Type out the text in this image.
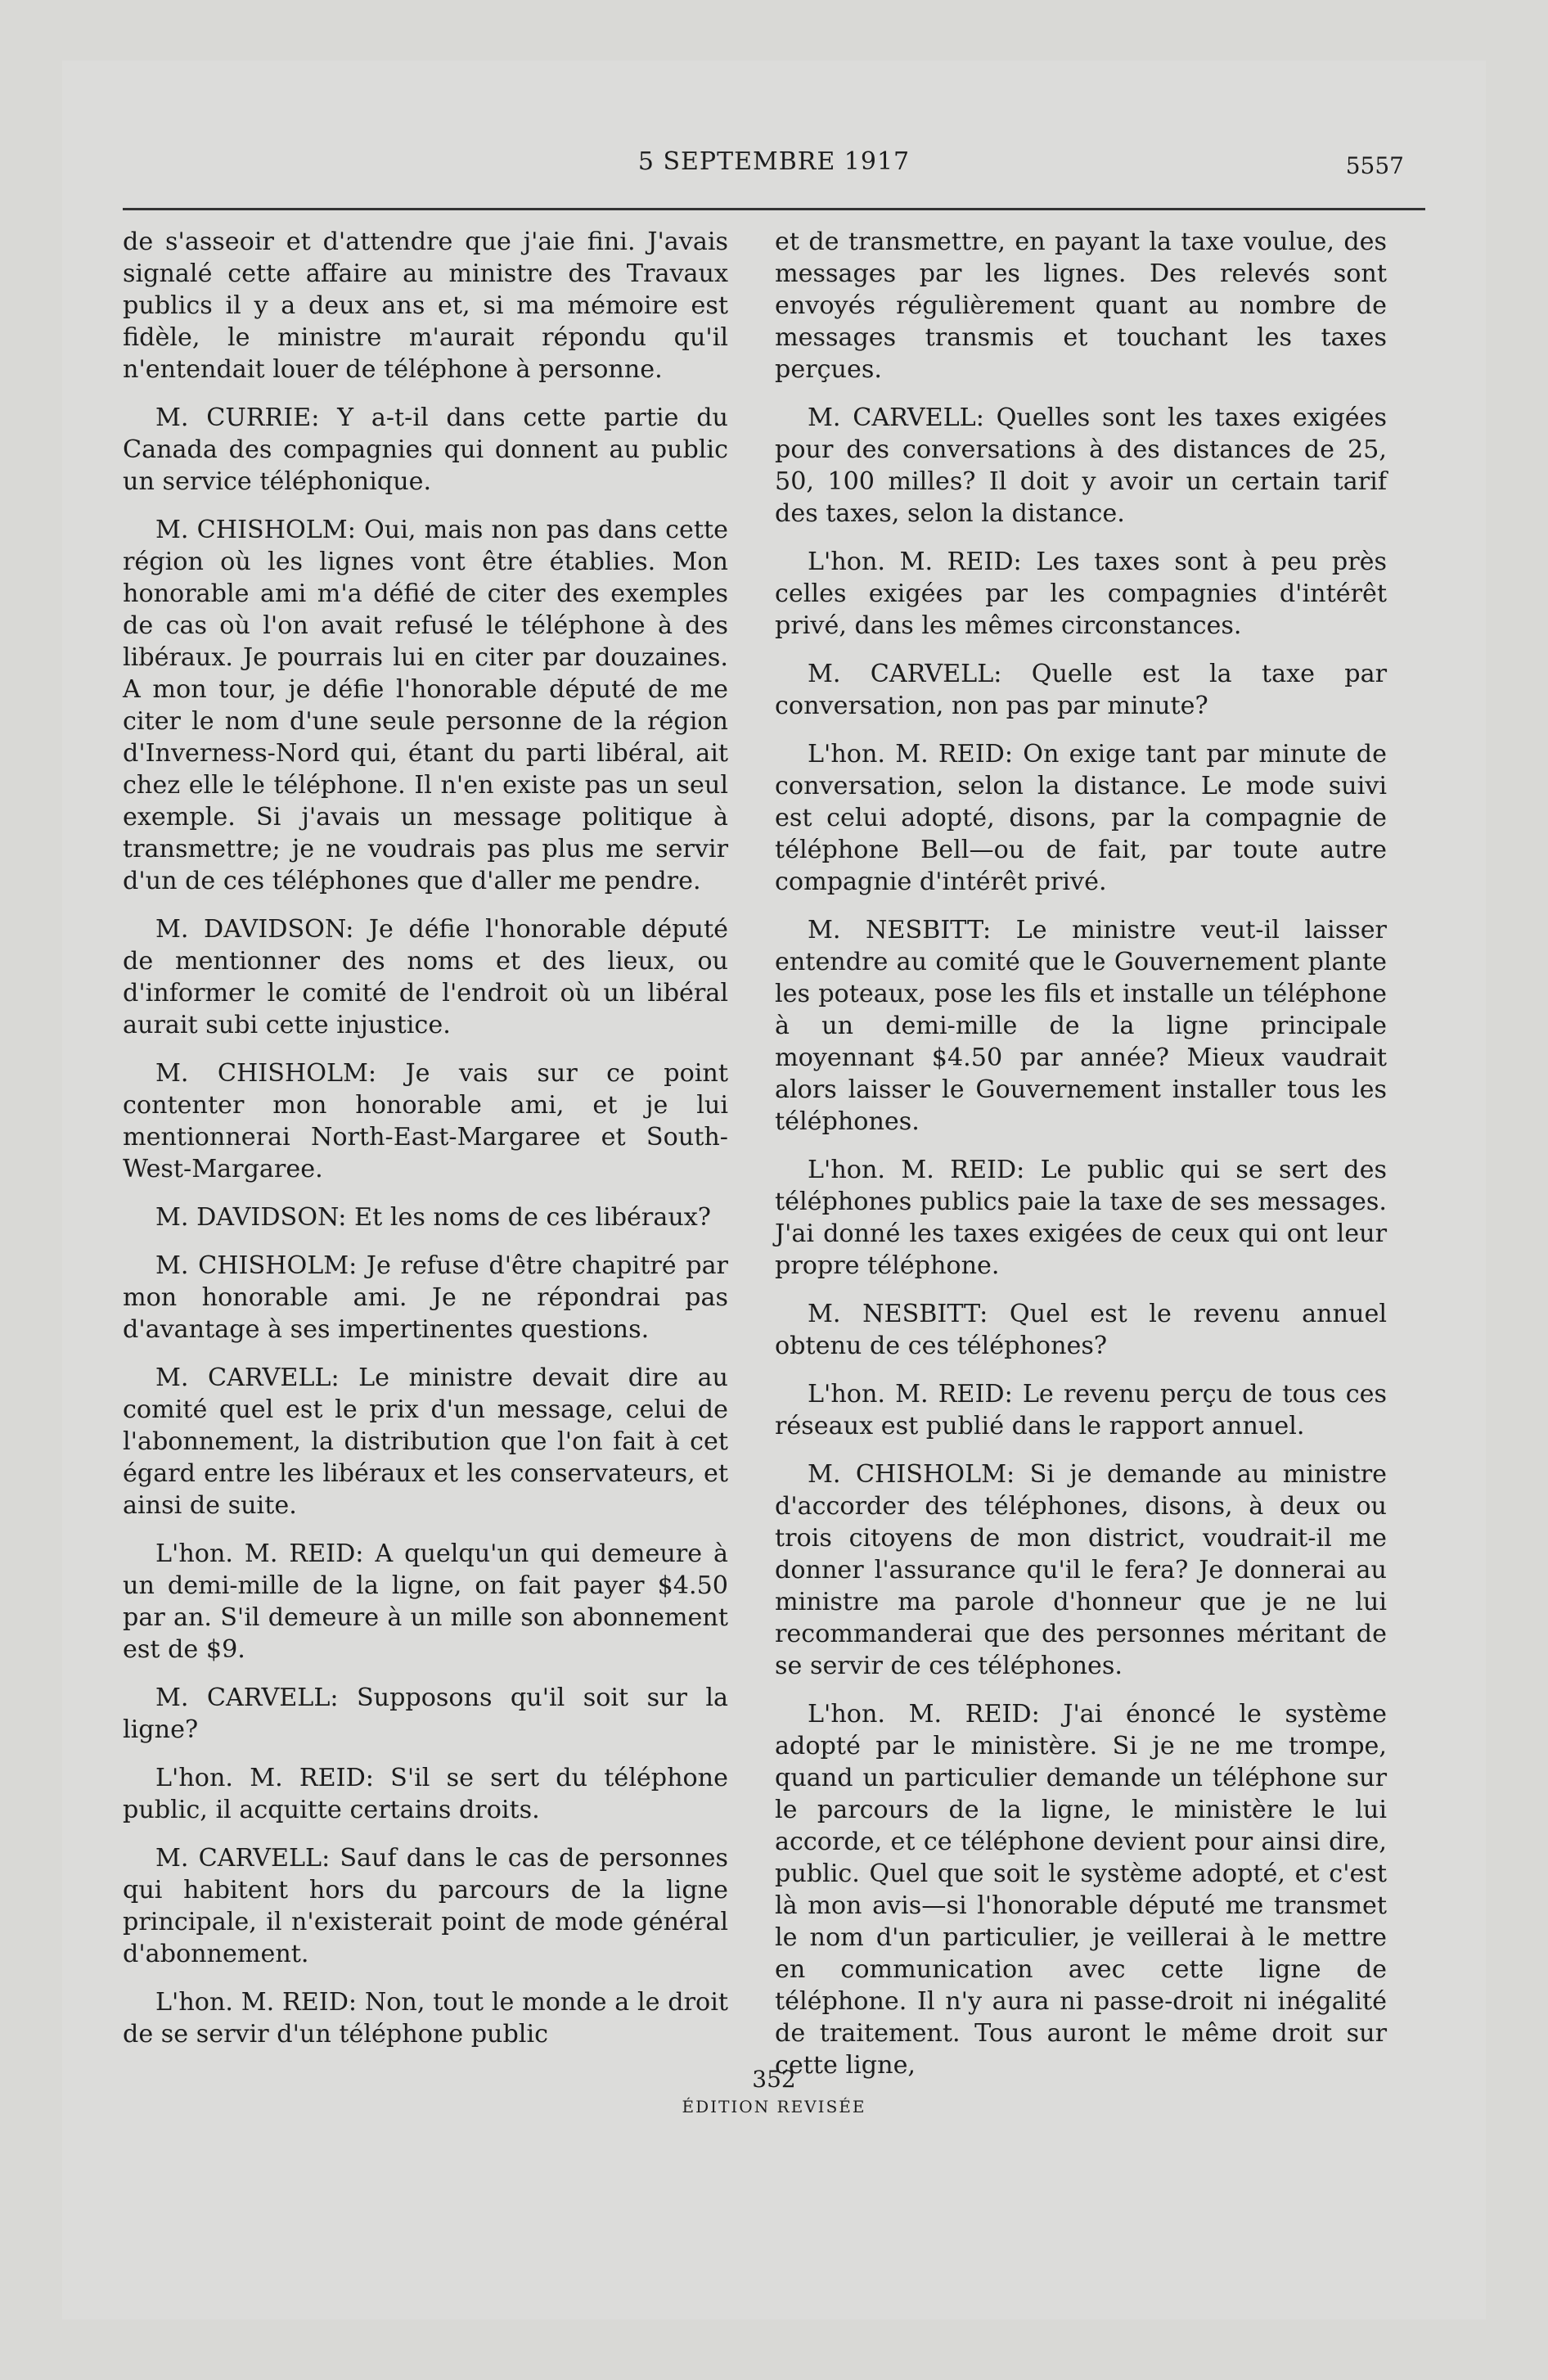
5 SEPTEMBRE 1917	5557

de s'asseoir et d'attendre que j'aie fini. J'avais signalé cette affaire au ministre des Travaux publics il y a deux ans et, si ma mémoire est fidèle, le ministre m'aurait répondu qu'il n'entendait louer de téléphone à personne.

M. CURRIE: Y a-t-il dans cette partie du Canada des compagnies qui donnent au public un service téléphonique.

M. CHISHOLM: Oui, mais non pas dans cette région où les lignes vont être établies. Mon honorable ami m'a défié de citer des exemples de cas où l'on avait refusé le téléphone à des libéraux. Je pourrais lui en citer par douzaines. A mon tour, je défie l'honorable député de me citer le nom d'une seule personne de la région d'Inverness-Nord qui, étant du parti libéral, ait chez elle le téléphone. Il n'en existe pas un seul exemple. Si j'avais un message politique à transmettre; je ne voudrais pas plus me servir d'un de ces téléphones que d'aller me pendre.

M. DAVIDSON: Je défie l'honorable député de mentionner des noms et des lieux, ou d'informer le comité de l'endroit où un libéral aurait subi cette injustice.

M. CHISHOLM: Je vais sur ce point contenter mon honorable ami, et je lui mentionnerai North-East-Margaree et South-West-Margaree.

M. DAVIDSON: Et les noms de ces libéraux?

M. CHISHOLM: Je refuse d'être chapitré par mon honorable ami. Je ne répondrai pas d'avantage à ses impertinentes questions.

M. CARVELL: Le ministre devait dire au comité quel est le prix d'un message, celui de l'abonnement, la distribution que l'on fait à cet égard entre les libéraux et les conservateurs, et ainsi de suite.

L'hon. M. REID: A quelqu'un qui demeure à un demi-mille de la ligne, on fait payer $4.50 par an. S'il demeure à un mille son abonnement est de $9.

M. CARVELL: Supposons qu'il soit sur la ligne?

L'hon. M. REID: S'il se sert du téléphone public, il acquitte certains droits.

M. CARVELL: Sauf dans le cas de personnes qui habitent hors du parcours de la ligne principale, il n'existerait point de mode général d'abonnement.

L'hon. M. REID: Non, tout le monde a le droit de se servir d'un téléphone public

et de transmettre, en payant la taxe voulue, des messages par les lignes. Des relevés sont envoyés régulièrement quant au nombre de messages transmis et touchant les taxes perçues.

M. CARVELL: Quelles sont les taxes exigées pour des conversations à des distances de 25, 50, 100 milles? Il doit y avoir un certain tarif des taxes, selon la distance.

L'hon. M. REID: Les taxes sont à peu près celles exigées par les compagnies d'intérêt privé, dans les mêmes circonstances.

M. CARVELL: Quelle est la taxe par conversation, non pas par minute?

L'hon. M. REID: On exige tant par minute de conversation, selon la distance. Le mode suivi est celui adopté, disons, par la compagnie de téléphone Bell—ou de fait, par toute autre compagnie d'intérêt privé.

M. NESBITT: Le ministre veut-il laisser entendre au comité que le Gouvernement plante les poteaux, pose les fils et installe un téléphone à un demi-mille de la ligne principale moyennant $4.50 par année? Mieux vaudrait alors laisser le Gouvernement installer tous les téléphones.

L'hon. M. REID: Le public qui se sert des téléphones publics paie la taxe de ses messages. J'ai donné les taxes exigées de ceux qui ont leur propre téléphone.

M. NESBITT: Quel est le revenu annuel obtenu de ces téléphones?

L'hon. M. REID: Le revenu perçu de tous ces réseaux est publié dans le rapport annuel.

M. CHISHOLM: Si je demande au ministre d'accorder des téléphones, disons, à deux ou trois citoyens de mon district, voudrait-il me donner l'assurance qu'il le fera? Je donnerai au ministre ma parole d'honneur que je ne lui recommanderai que des personnes méritant de se servir de ces téléphones.

L'hon. M. REID: J'ai énoncé le système adopté par le ministère. Si je ne me trompe, quand un particulier demande un téléphone sur le parcours de la ligne, le ministère le lui accorde, et ce téléphone devient pour ainsi dire, public. Quel que soit le système adopté, et c'est là mon avis—si l'honorable député me transmet le nom d'un particulier, je veillerai à le mettre en communication avec cette ligne de téléphone. Il n'y aura ni passe-droit ni inégalité de traitement. Tous auront le même droit sur cette ligne,

352
ÉDITION REVISÉE
